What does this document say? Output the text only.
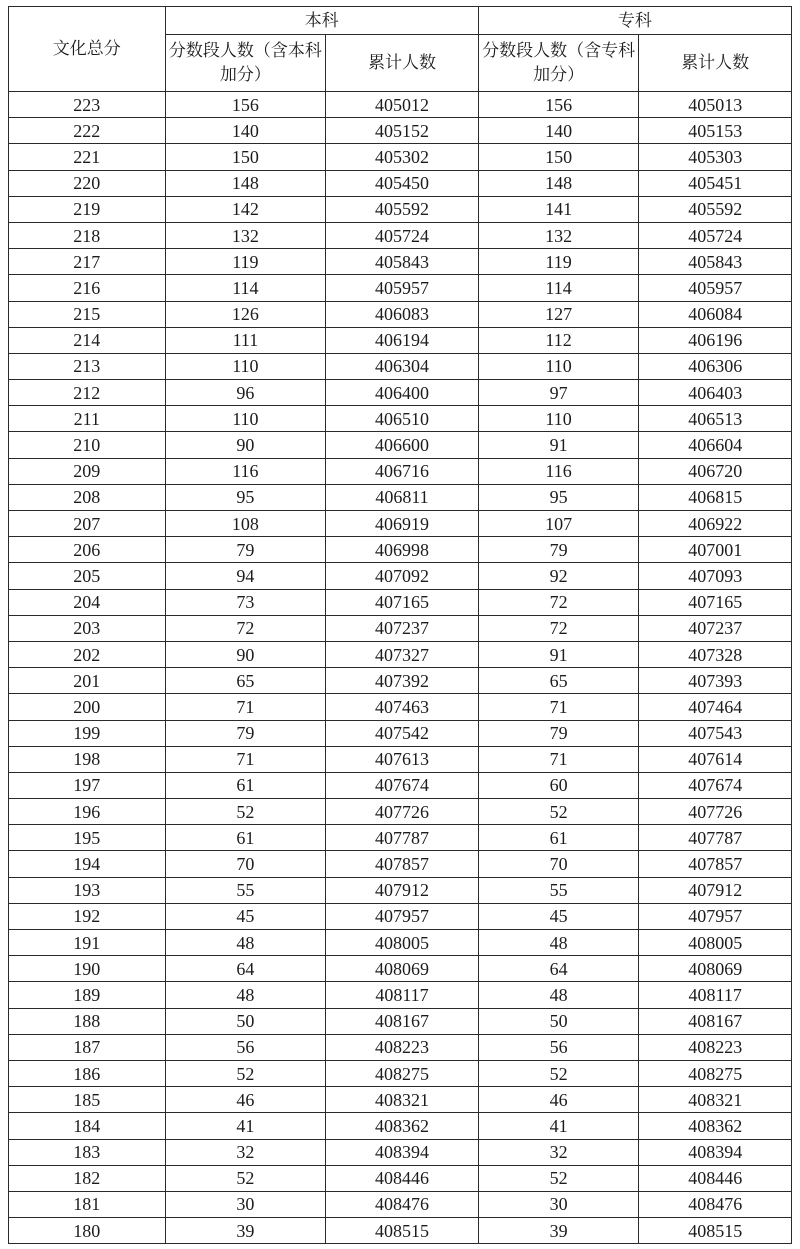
文化总分	本科		专科	
	分数段人数（含本科加分）	累计人数	分数段人数（含专科加分）	累计人数
223	156	405012	156	405013
222	140	405152	140	405153
221	150	405302	150	405303
220	148	405450	148	405451
219	142	405592	141	405592
218	132	405724	132	405724
217	119	405843	119	405843
216	114	405957	114	405957
215	126	406083	127	406084
214	111	406194	112	406196
213	110	406304	110	406306
212	96	406400	97	406403
211	110	406510	110	406513
210	90	406600	91	406604
209	116	406716	116	406720
208	95	406811	95	406815
207	108	406919	107	406922
206	79	406998	79	407001
205	94	407092	92	407093
204	73	407165	72	407165
203	72	407237	72	407237
202	90	407327	91	407328
201	65	407392	65	407393
200	71	407463	71	407464
199	79	407542	79	407543
198	71	407613	71	407614
197	61	407674	60	407674
196	52	407726	52	407726
195	61	407787	61	407787
194	70	407857	70	407857
193	55	407912	55	407912
192	45	407957	45	407957
191	48	408005	48	408005
190	64	408069	64	408069
189	48	408117	48	408117
188	50	408167	50	408167
187	56	408223	56	408223
186	52	408275	52	408275
185	46	408321	46	408321
184	41	408362	41	408362
183	32	408394	32	408394
182	52	408446	52	408446
181	30	408476	30	408476
180	39	408515	39	408515
